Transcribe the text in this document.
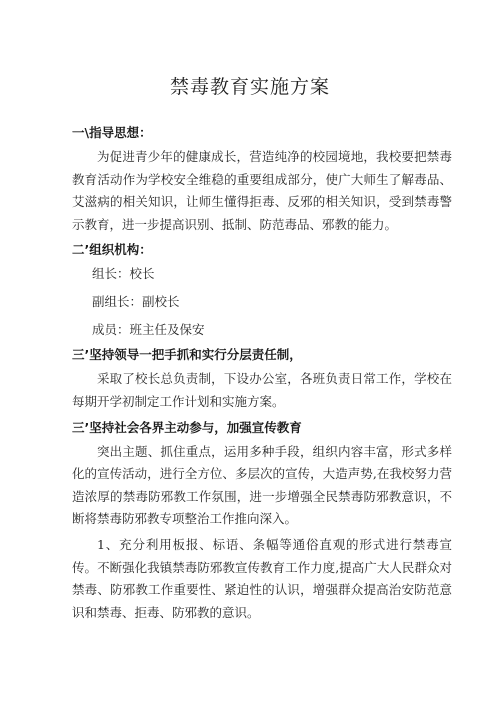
禁毒教育实施方案
一\指导思想：

为促进青少年的健康成长，营造纯净的校园境地，我校要把禁毒教育活动作为学校安全维稳的重要组成部分，使广大师生了解毒品、艾滋病的相关知识，让师生懂得拒毒、反邪的相关知识，受到禁毒警示教育，进一步提高识别、抵制、防范毒品、邪教的能力。

二’组织机构：
组长：校长
副组长：副校长
成员：班主任及保安
三’坚持领导一把手抓和实行分层责任制，

采取了校长总负责制，下设办公室，各班负责日常工作，学校在每期开学初制定工作计划和实施方案。

三’坚持社会各界主动参与，加强宣传教育

突出主题、抓住重点，运用多种手段，组织内容丰富，形式多样化的宣传活动，进行全方位、多层次的宣传，大造声势,在我校努力营造浓厚的禁毒防邪教工作氛围，进一步增强全民禁毒防邪教意识，不断将禁毒防邪教专项整治工作推向深入。

1、充分利用板报、标语、条幅等通俗直观的形式进行禁毒宣传。不断强化我镇禁毒防邪教宣传教育工作力度,提高广大人民群众对禁毒、防邪教工作重要性、紧迫性的认识，增强群众提高治安防范意识和禁毒、拒毒、防邪教的意识。
